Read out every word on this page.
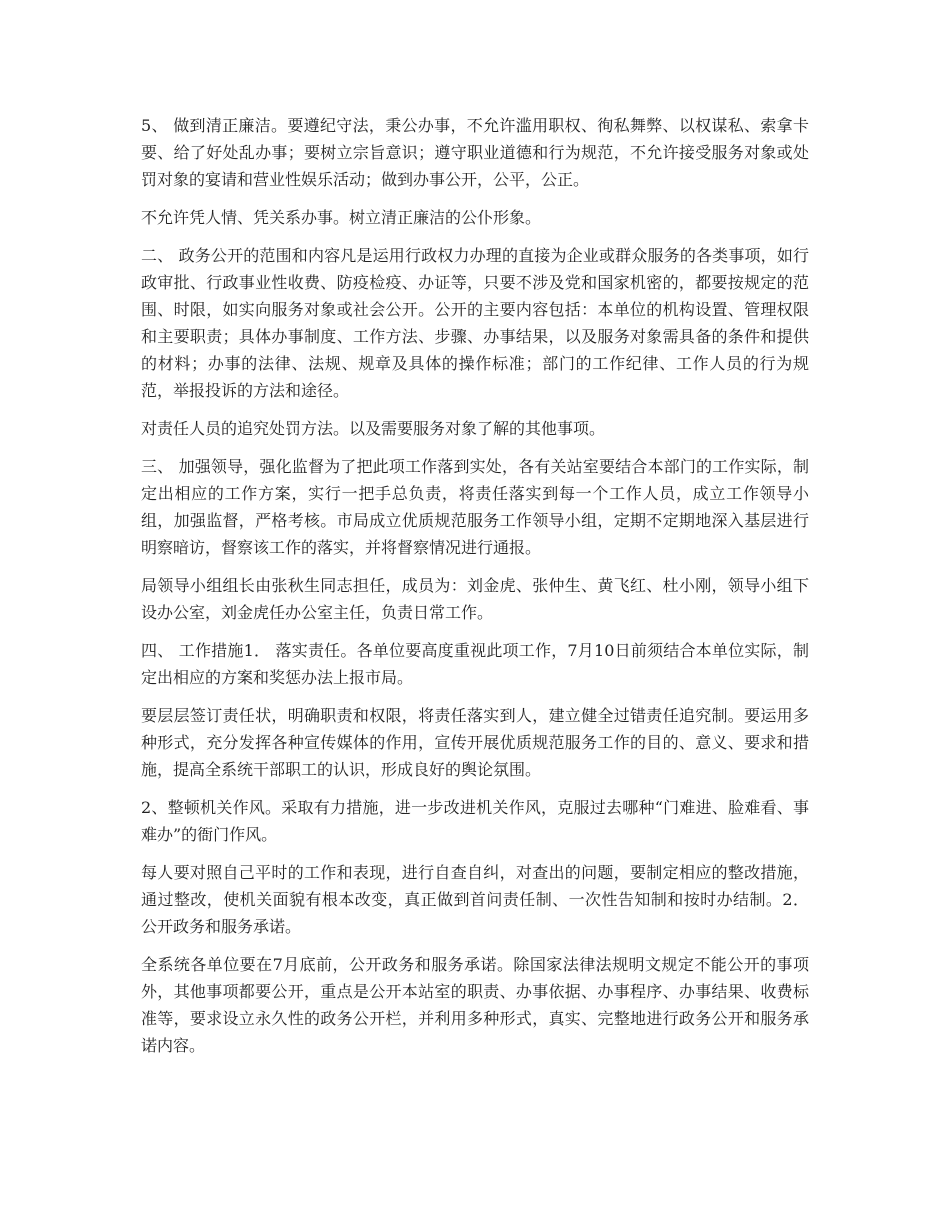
5、 做到清正廉洁。要遵纪守法，秉公办事，不允许滥用职权、徇私舞弊、以权谋私、索拿卡要、给了好处乱办事；要树立宗旨意识；遵守职业道德和行为规范，不允许接受服务对象或处罚对象的宴请和营业性娱乐活动；做到办事公开，公平，公正。

不允许凭人情、凭关系办事。树立清正廉洁的公仆形象。

二、 政务公开的范围和内容凡是运用行政权力办理的直接为企业或群众服务的各类事项，如行政审批、行政事业性收费、防疫检疫、办证等，只要不涉及党和国家机密的，都要按规定的范围、时限，如实向服务对象或社会公开。公开的主要内容包括：本单位的机构设置、管理权限和主要职责；具体办事制度、工作方法、步骤、办事结果，以及服务对象需具备的条件和提供的材料；办事的法律、法规、规章及具体的操作标准；部门的工作纪律、工作人员的行为规范，举报投诉的方法和途径。

对责任人员的追究处罚方法。以及需要服务对象了解的其他事项。

三、 加强领导，强化监督为了把此项工作落到实处，各有关站室要结合本部门的工作实际，制定出相应的工作方案，实行一把手总负责，将责任落实到每一个工作人员，成立工作领导小组，加强监督，严格考核。市局成立优质规范服务工作领导小组，定期不定期地深入基层进行明察暗访，督察该工作的落实，并将督察情况进行通报。

局领导小组组长由张秋生同志担任，成员为：刘金虎、张仲生、黄飞红、杜小刚，领导小组下设办公室，刘金虎任办公室主任，负责日常工作。

四、 工作措施1． 落实责任。各单位要高度重视此项工作，7月10日前须结合本单位实际，制定出相应的方案和奖惩办法上报市局。

要层层签订责任状，明确职责和权限，将责任落实到人，建立健全过错责任追究制。要运用多种形式，充分发挥各种宣传媒体的作用，宣传开展优质规范服务工作的目的、意义、要求和措施，提高全系统干部职工的认识，形成良好的舆论氛围。

2、整顿机关作风。采取有力措施，进一步改进机关作风，克服过去哪种“门难进、脸难看、事难办”的衙门作风。

每人要对照自己平时的工作和表现，进行自查自纠，对查出的问题，要制定相应的整改措施，通过整改，使机关面貌有根本改变，真正做到首问责任制、一次性告知制和按时办结制。2． 公开政务和服务承诺。

全系统各单位要在7月底前，公开政务和服务承诺。除国家法律法规明文规定不能公开的事项外，其他事项都要公开，重点是公开本站室的职责、办事依据、办事程序、办事结果、收费标准等，要求设立永久性的政务公开栏，并利用多种形式，真实、完整地进行政务公开和服务承诺内容。
